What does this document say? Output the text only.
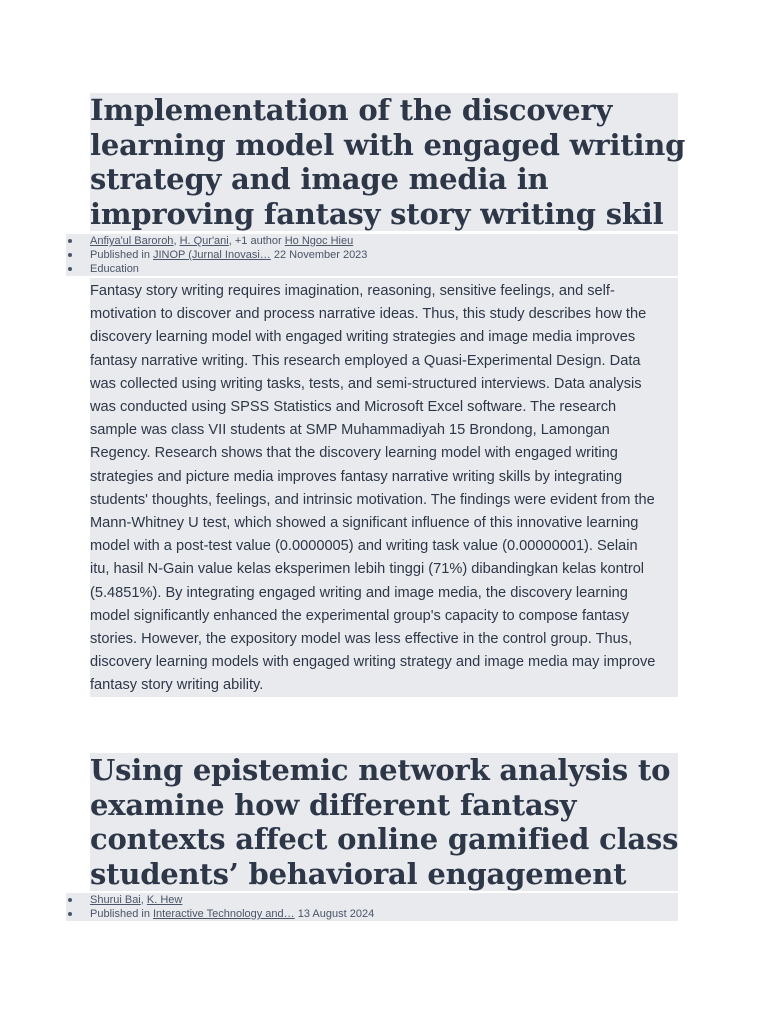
Implementation of the discovery
learning model with engaged writing
strategy and image media in
improving fantasy story writing skil
Anfiya'ul Baroroh, H. Qur'ani, +1 author Ho Ngoc Hieu
Published in JINOP (Jurnal Inovasi… 22 November 2023
Education
Fantasy story writing requires imagination, reasoning, sensitive feelings, and self-
motivation to discover and process narrative ideas. Thus, this study describes how the
discovery learning model with engaged writing strategies and image media improves
fantasy narrative writing. This research employed a Quasi-Experimental Design. Data
was collected using writing tasks, tests, and semi-structured interviews. Data analysis
was conducted using SPSS Statistics and Microsoft Excel software. The research
sample was class VII students at SMP Muhammadiyah 15 Brondong, Lamongan
Regency. Research shows that the discovery learning model with engaged writing
strategies and picture media improves fantasy narrative writing skills by integrating
students' thoughts, feelings, and intrinsic motivation. The findings were evident from the
Mann-Whitney U test, which showed a significant influence of this innovative learning
model with a post-test value (0.0000005) and writing task value (0.00000001). Selain
itu, hasil N-Gain value kelas eksperimen lebih tinggi (71%) dibandingkan kelas kontrol
(5.4851%). By integrating engaged writing and image media, the discovery learning
model significantly enhanced the experimental group's capacity to compose fantasy
stories. However, the expository model was less effective in the control group. Thus,
discovery learning models with engaged writing strategy and image media may improve
fantasy story writing ability.
Using epistemic network analysis to
examine how different fantasy
contexts affect online gamified class
students’ behavioral engagement
Shurui Bai, K. Hew
Published in Interactive Technology and… 13 August 2024
